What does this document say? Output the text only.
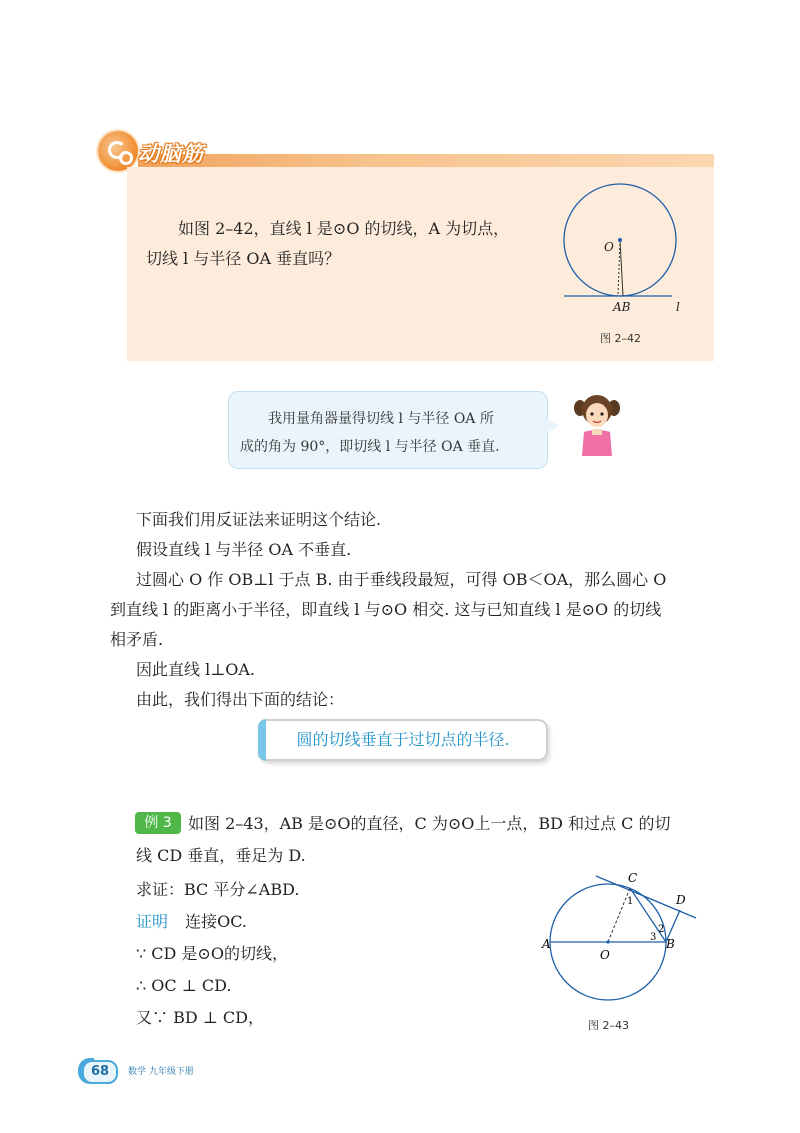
动脑筋

如图 2–42，直线 l 是⊙O 的切线，A 为切点，

切线 l 与半径 OA 垂直吗？

O
AB	l
图 2–42

我用量角器量得切线 l 与半径 OA 所

成的角为 90°，即切线 l 与半径 OA 垂直.

下面我们用反证法来证明这个结论.

假设直线 l 与半径 OA 不垂直.

过圆心 O 作 OB⊥l 于点 B. 由于垂线段最短，可得 OB＜OA，那么圆心 O

到直线 l 的距离小于半径，即直线 l 与⊙O 相交. 这与已知直线 l 是⊙O 的切线

相矛盾.

因此直线 l⊥OA.

由此，我们得出下面的结论：

圆的切线垂直于过切点的半径.
例 3	如图 2–43，AB 是⊙O的直径，C 为⊙O上一点，BD 和过点 C 的切
线 CD 垂直，垂足为 D.

求证：BC 平分∠ABD.

证明 连接OC.

∵ CD 是⊙O的切线，

∴ OC ⊥ CD.

又∵ BD ⊥ CD，

A
O
B
C
D
1
2
3
图 2–43
68	数学 九年级下册
